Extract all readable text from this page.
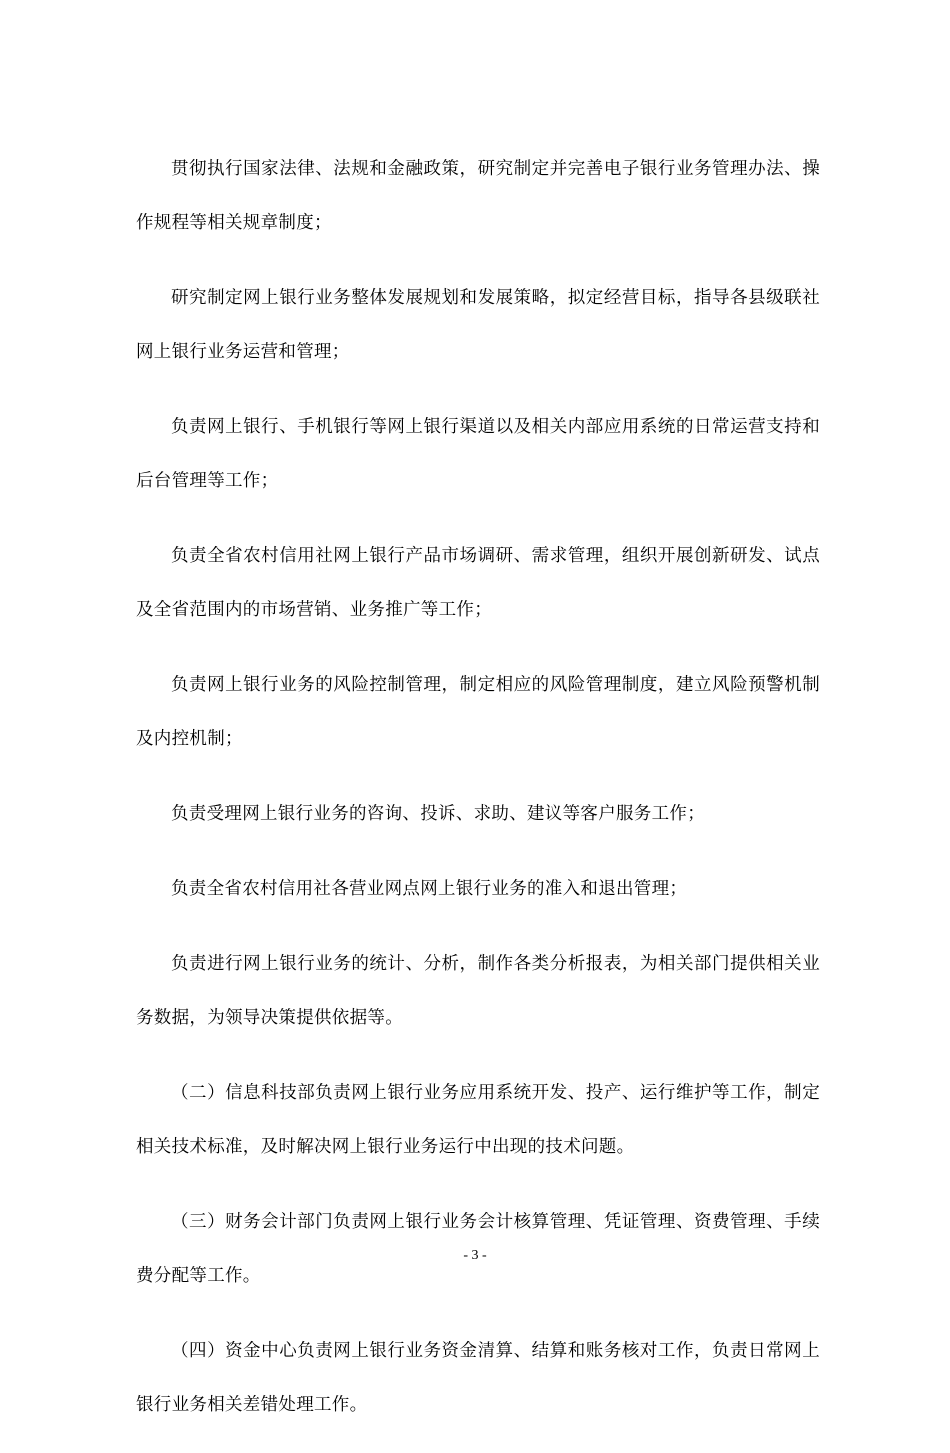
贯彻执行国家法律、法规和金融政策，研究制定并完善电子银行业务管理办法、操作规程等相关规章制度；

研究制定网上银行业务整体发展规划和发展策略，拟定经营目标，指导各县级联社网上银行业务运营和管理；

负责网上银行、手机银行等网上银行渠道以及相关内部应用系统的日常运营支持和后台管理等工作；

负责全省农村信用社网上银行产品市场调研、需求管理，组织开展创新研发、试点及全省范围内的市场营销、业务推广等工作；

负责网上银行业务的风险控制管理，制定相应的风险管理制度，建立风险预警机制及内控机制；

负责受理网上银行业务的咨询、投诉、求助、建议等客户服务工作；

负责全省农村信用社各营业网点网上银行业务的准入和退出管理；

负责进行网上银行业务的统计、分析，制作各类分析报表，为相关部门提供相关业务数据，为领导决策提供依据等。

（二）信息科技部负责网上银行业务应用系统开发、投产、运行维护等工作，制定相关技术标准，及时解决网上银行业务运行中出现的技术问题。

（三）财务会计部门负责网上银行业务会计核算管理、凭证管理、资费管理、手续费分配等工作。

（四）资金中心负责网上银行业务资金清算、结算和账务核对工作，负责日常网上银行业务相关差错处理工作。

- 3 -
